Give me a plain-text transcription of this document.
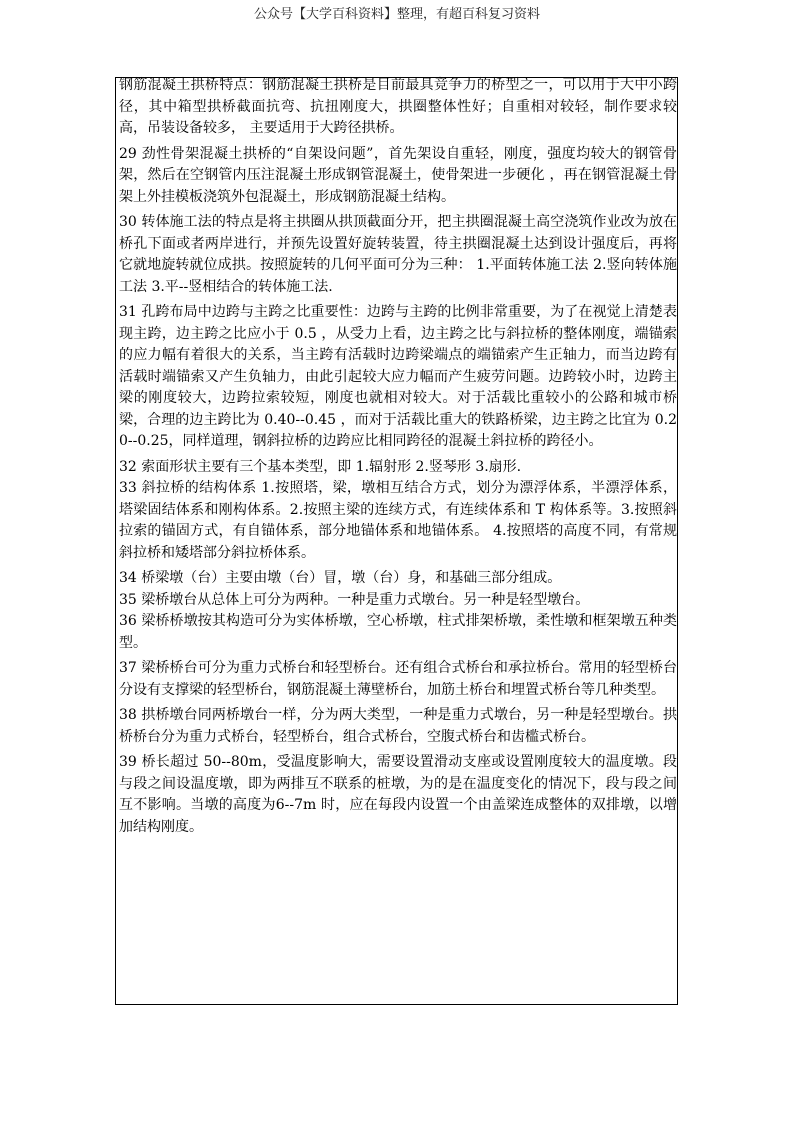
公众号【大学百科资料】整理，有超百科复习资料

钢筋混凝土拱桥特点：钢筋混凝土拱桥是目前最具竞争力的桥型之一，可以用于大中小跨径，其中箱型拱桥截面抗弯、抗扭刚度大，拱圈整体性好；自重相对较轻，制作要求较高，吊装设备较多， 主要适用于大跨径拱桥。

29 劲性骨架混凝土拱桥的“自架设问题”，首先架设自重轻，刚度，强度均较大的钢管骨架，然后在空钢管内压注混凝土形成钢管混凝土，使骨架进一步硬化 ，再在钢管混凝土骨架上外挂模板浇筑外包混凝土，形成钢筋混凝土结构。

30 转体施工法的特点是将主拱圈从拱顶截面分开，把主拱圈混凝土高空浇筑作业改为放在桥孔下面或者两岸进行，并预先设置好旋转装置，待主拱圈混凝土达到设计强度后，再将它就地旋转就位成拱。按照旋转的几何平面可分为三种： 1.平面转体施工法 2.竖向转体施工法 3.平--竖相结合的转体施工法.

31 孔跨布局中边跨与主跨之比重要性：边跨与主跨的比例非常重要，为了在视觉上清楚表现主跨，边主跨之比应小于 0.5 ，从受力上看，边主跨之比与斜拉桥的整体刚度，端锚索的应力幅有着很大的关系，当主跨有活载时边跨梁端点的端锚索产生正轴力，而当边跨有活载时端锚索又产生负轴力，由此引起较大应力幅而产生疲劳问题。边跨较小时，边跨主梁的刚度较大，边跨拉索较短，刚度也就相对较大。对于活载比重较小的公路和城市桥梁，合理的边主跨比为 0.40--0.45 ，而对于活载比重大的铁路桥梁，边主跨之比宜为 0.20--0.25，同样道理，钢斜拉桥的边跨应比相同跨径的混凝土斜拉桥的跨径小。

32 索面形状主要有三个基本类型，即 1.辐射形 2.竖琴形 3.扇形.

33 斜拉桥的结构体系 1.按照塔，梁，墩相互结合方式，划分为漂浮体系，半漂浮体系，塔梁固结体系和刚构体系。2.按照主梁的连续方式，有连续体系和 T 构体系等。3.按照斜拉索的锚固方式，有自锚体系，部分地锚体系和地锚体系。 4.按照塔的高度不同，有常规斜拉桥和矮塔部分斜拉桥体系。

34 桥梁墩（台）主要由墩（台）冒，墩（台）身，和基础三部分组成。

35 梁桥墩台从总体上可分为两种。一种是重力式墩台。另一种是轻型墩台。

36 梁桥桥墩按其构造可分为实体桥墩，空心桥墩，柱式排架桥墩，柔性墩和框架墩五种类型。

37 梁桥桥台可分为重力式桥台和轻型桥台。还有组合式桥台和承拉桥台。常用的轻型桥台分设有支撑梁的轻型桥台，钢筋混凝土薄壁桥台，加筋土桥台和埋置式桥台等几种类型。

38 拱桥墩台同两桥墩台一样，分为两大类型，一种是重力式墩台，另一种是轻型墩台。拱桥桥台分为重力式桥台，轻型桥台，组合式桥台，空腹式桥台和齿槛式桥台。

39 桥长超过 50--80m，受温度影响大，需要设置滑动支座或设置刚度较大的温度墩。段与段之间设温度墩，即为两排互不联系的桩墩，为的是在温度变化的情况下，段与段之间互不影响。当墩的高度为6--7m 时，应在每段内设置一个由盖梁连成整体的双排墩，以增加结构刚度。
